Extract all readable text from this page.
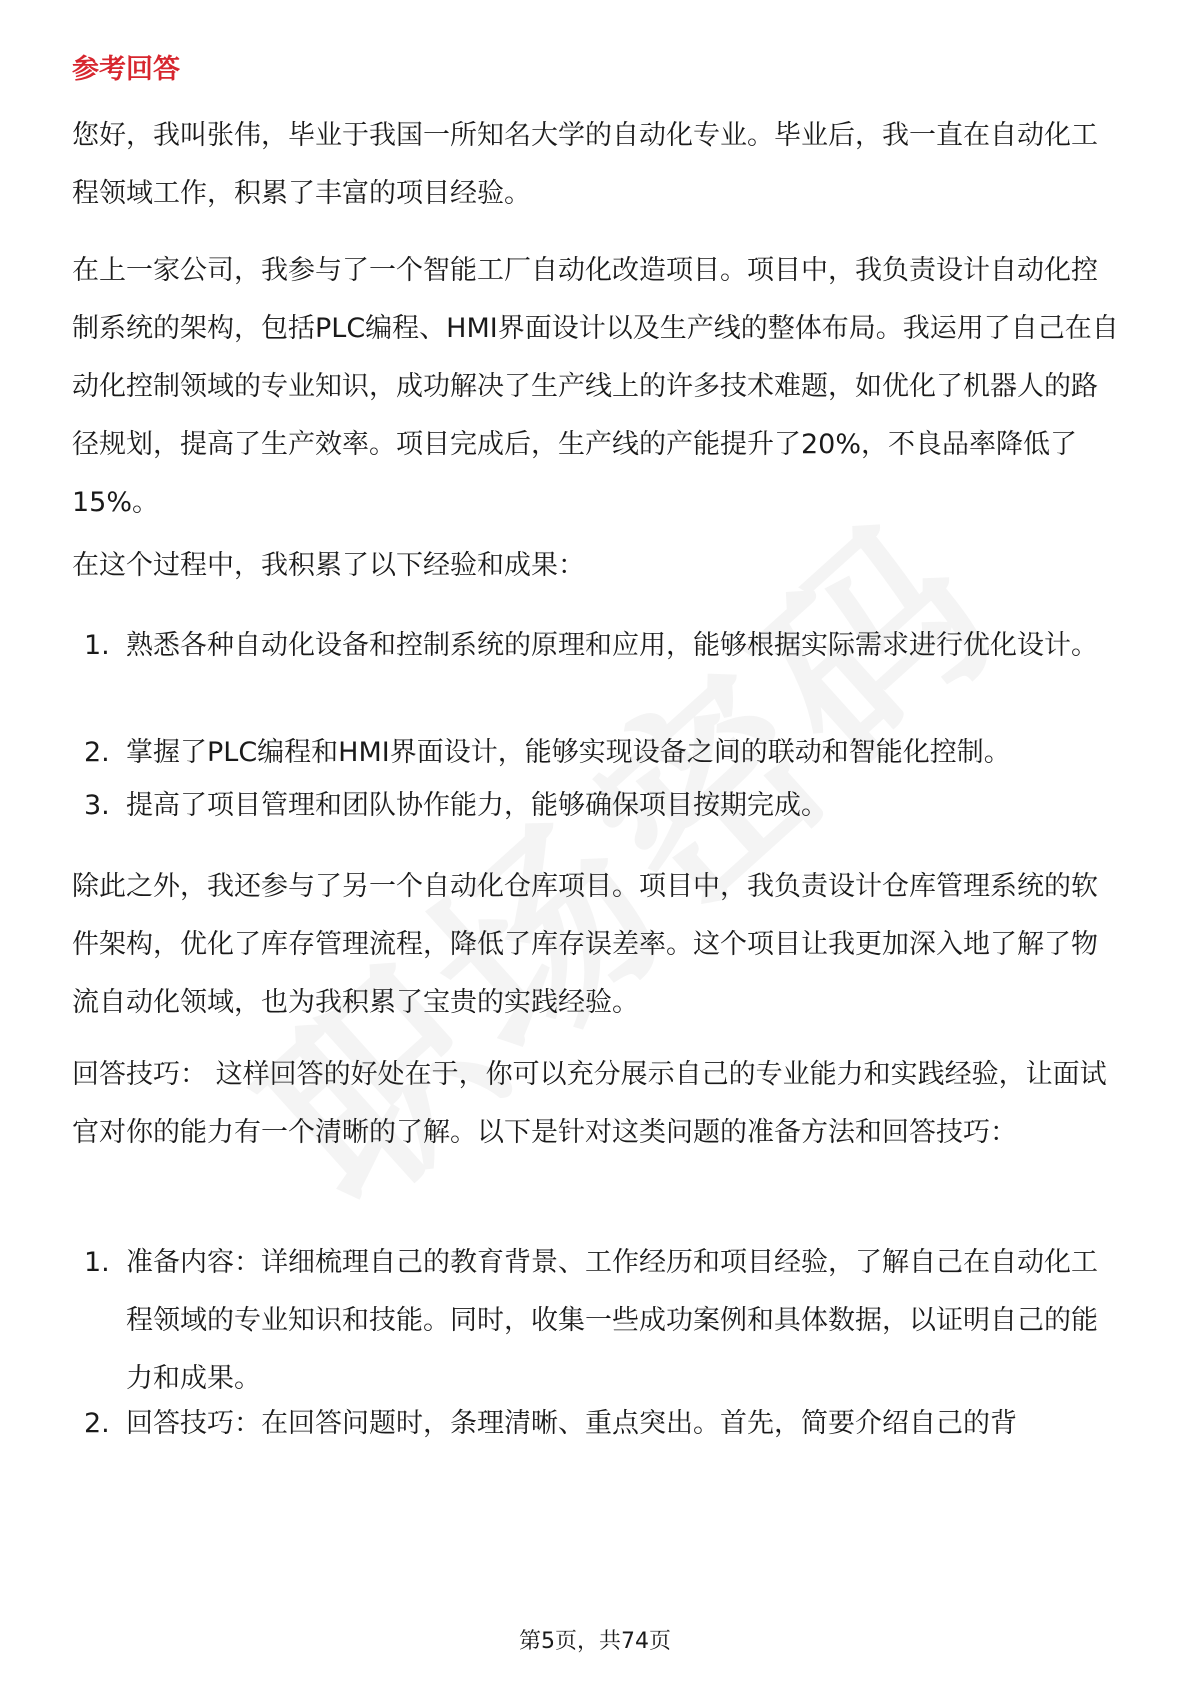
参考回答

您好，我叫张伟，毕业于我国一所知名大学的自动化专业。毕业后，我一直在自动化工程领域工作，积累了丰富的项目经验。

在上一家公司，我参与了一个智能工厂自动化改造项目。项目中，我负责设计自动化控制系统的架构，包括PLC编程、HMI界面设计以及生产线的整体布局。我运用了自己在自动化控制领域的专业知识，成功解决了生产线上的许多技术难题，如优化了机器人的路径规划，提高了生产效率。项目完成后，生产线的产能提升了20%，不良品率降低了15%。

在这个过程中，我积累了以下经验和成果：

1. 熟悉各种自动化设备和控制系统的原理和应用，能够根据实际需求进行优化设计。
2. 掌握了PLC编程和HMI界面设计，能够实现设备之间的联动和智能化控制。
3. 提高了项目管理和团队协作能力，能够确保项目按期完成。

除此之外，我还参与了另一个自动化仓库项目。项目中，我负责设计仓库管理系统的软件架构，优化了库存管理流程，降低了库存误差率。这个项目让我更加深入地了解了物流自动化领域，也为我积累了宝贵的实践经验。

回答技巧： 这样回答的好处在于，你可以充分展示自己的专业能力和实践经验，让面试官对你的能力有一个清晰的了解。以下是针对这类问题的准备方法和回答技巧：

1. 准备内容：详细梳理自己的教育背景、工作经历和项目经验，了解自己在自动化工程领域的专业知识和技能。同时，收集一些成功案例和具体数据，以证明自己的能力和成果。
2. 回答技巧：在回答问题时，条理清晰、重点突出。首先，简要介绍自己的背
第5页，共74页
